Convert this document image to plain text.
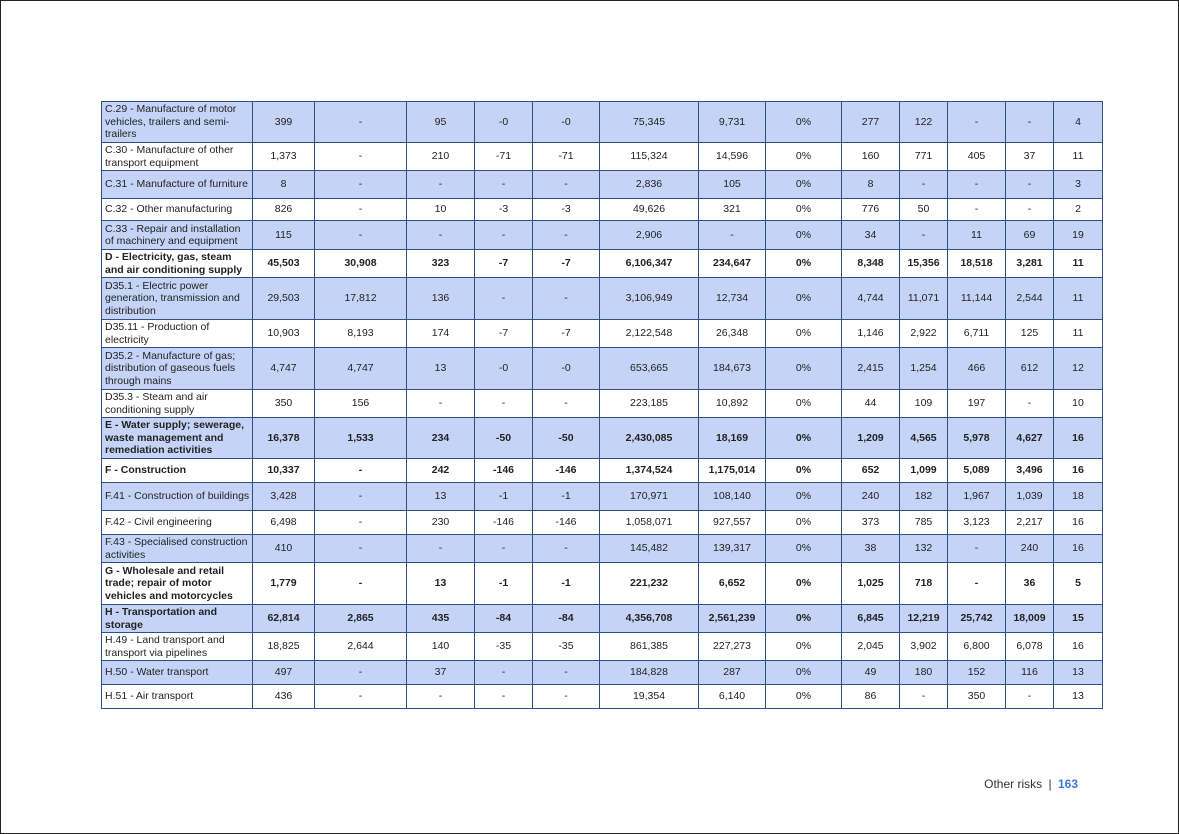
C.29 - Manufacture of motor vehicles, trailers and semi-trailers	399	-	95	-0	-0	75,345	9,731	0%	277	122	-	-	4
C.30 - Manufacture of other transport equipment	1,373	-	210	-71	-71	115,324	14,596	0%	160	771	405	37	11
C.31 - Manufacture of furniture	8	-	-	-	-	2,836	105	0%	8	-	-	-	3
C.32 - Other manufacturing	826	-	10	-3	-3	49,626	321	0%	776	50	-	-	2
C.33 - Repair and installation of machinery and equipment	115	-	-	-	-	2,906	-	0%	34	-	11	69	19
D - Electricity, gas, steam and air conditioning supply	45,503	30,908	323	-7	-7	6,106,347	234,647	0%	8,348	15,356	18,518	3,281	11
D35.1 - Electric power generation, transmission and distribution	29,503	17,812	136	-	-	3,106,949	12,734	0%	4,744	11,071	11,144	2,544	11
D35.11 - Production of electricity	10,903	8,193	174	-7	-7	2,122,548	26,348	0%	1,146	2,922	6,711	125	11
D35.2 - Manufacture of gas; distribution of gaseous fuels through mains	4,747	4,747	13	-0	-0	653,665	184,673	0%	2,415	1,254	466	612	12
D35.3 - Steam and air conditioning supply	350	156	-	-	-	223,185	10,892	0%	44	109	197	-	10
E - Water supply; sewerage, waste management and remediation activities	16,378	1,533	234	-50	-50	2,430,085	18,169	0%	1,209	4,565	5,978	4,627	16
F - Construction	10,337	-	242	-146	-146	1,374,524	1,175,014	0%	652	1,099	5,089	3,496	16
F.41 - Construction of buildings	3,428	-	13	-1	-1	170,971	108,140	0%	240	182	1,967	1,039	18
F.42 - Civil engineering	6,498	-	230	-146	-146	1,058,071	927,557	0%	373	785	3,123	2,217	16
F.43 - Specialised construction activities	410	-	-	-	-	145,482	139,317	0%	38	132	-	240	16
G - Wholesale and retail trade; repair of motor vehicles and motorcycles	1,779	-	13	-1	-1	221,232	6,652	0%	1,025	718	-	36	5
H - Transportation and storage	62,814	2,865	435	-84	-84	4,356,708	2,561,239	0%	6,845	12,219	25,742	18,009	15
H.49 - Land transport and transport via pipelines	18,825	2,644	140	-35	-35	861,385	227,273	0%	2,045	3,902	6,800	6,078	16
H.50 - Water transport	497	-	37	-	-	184,828	287	0%	49	180	152	116	13
H.51 - Air transport	436	-	-	-	-	19,354	6,140	0%	86	-	350	-	13
Other risks | 163
